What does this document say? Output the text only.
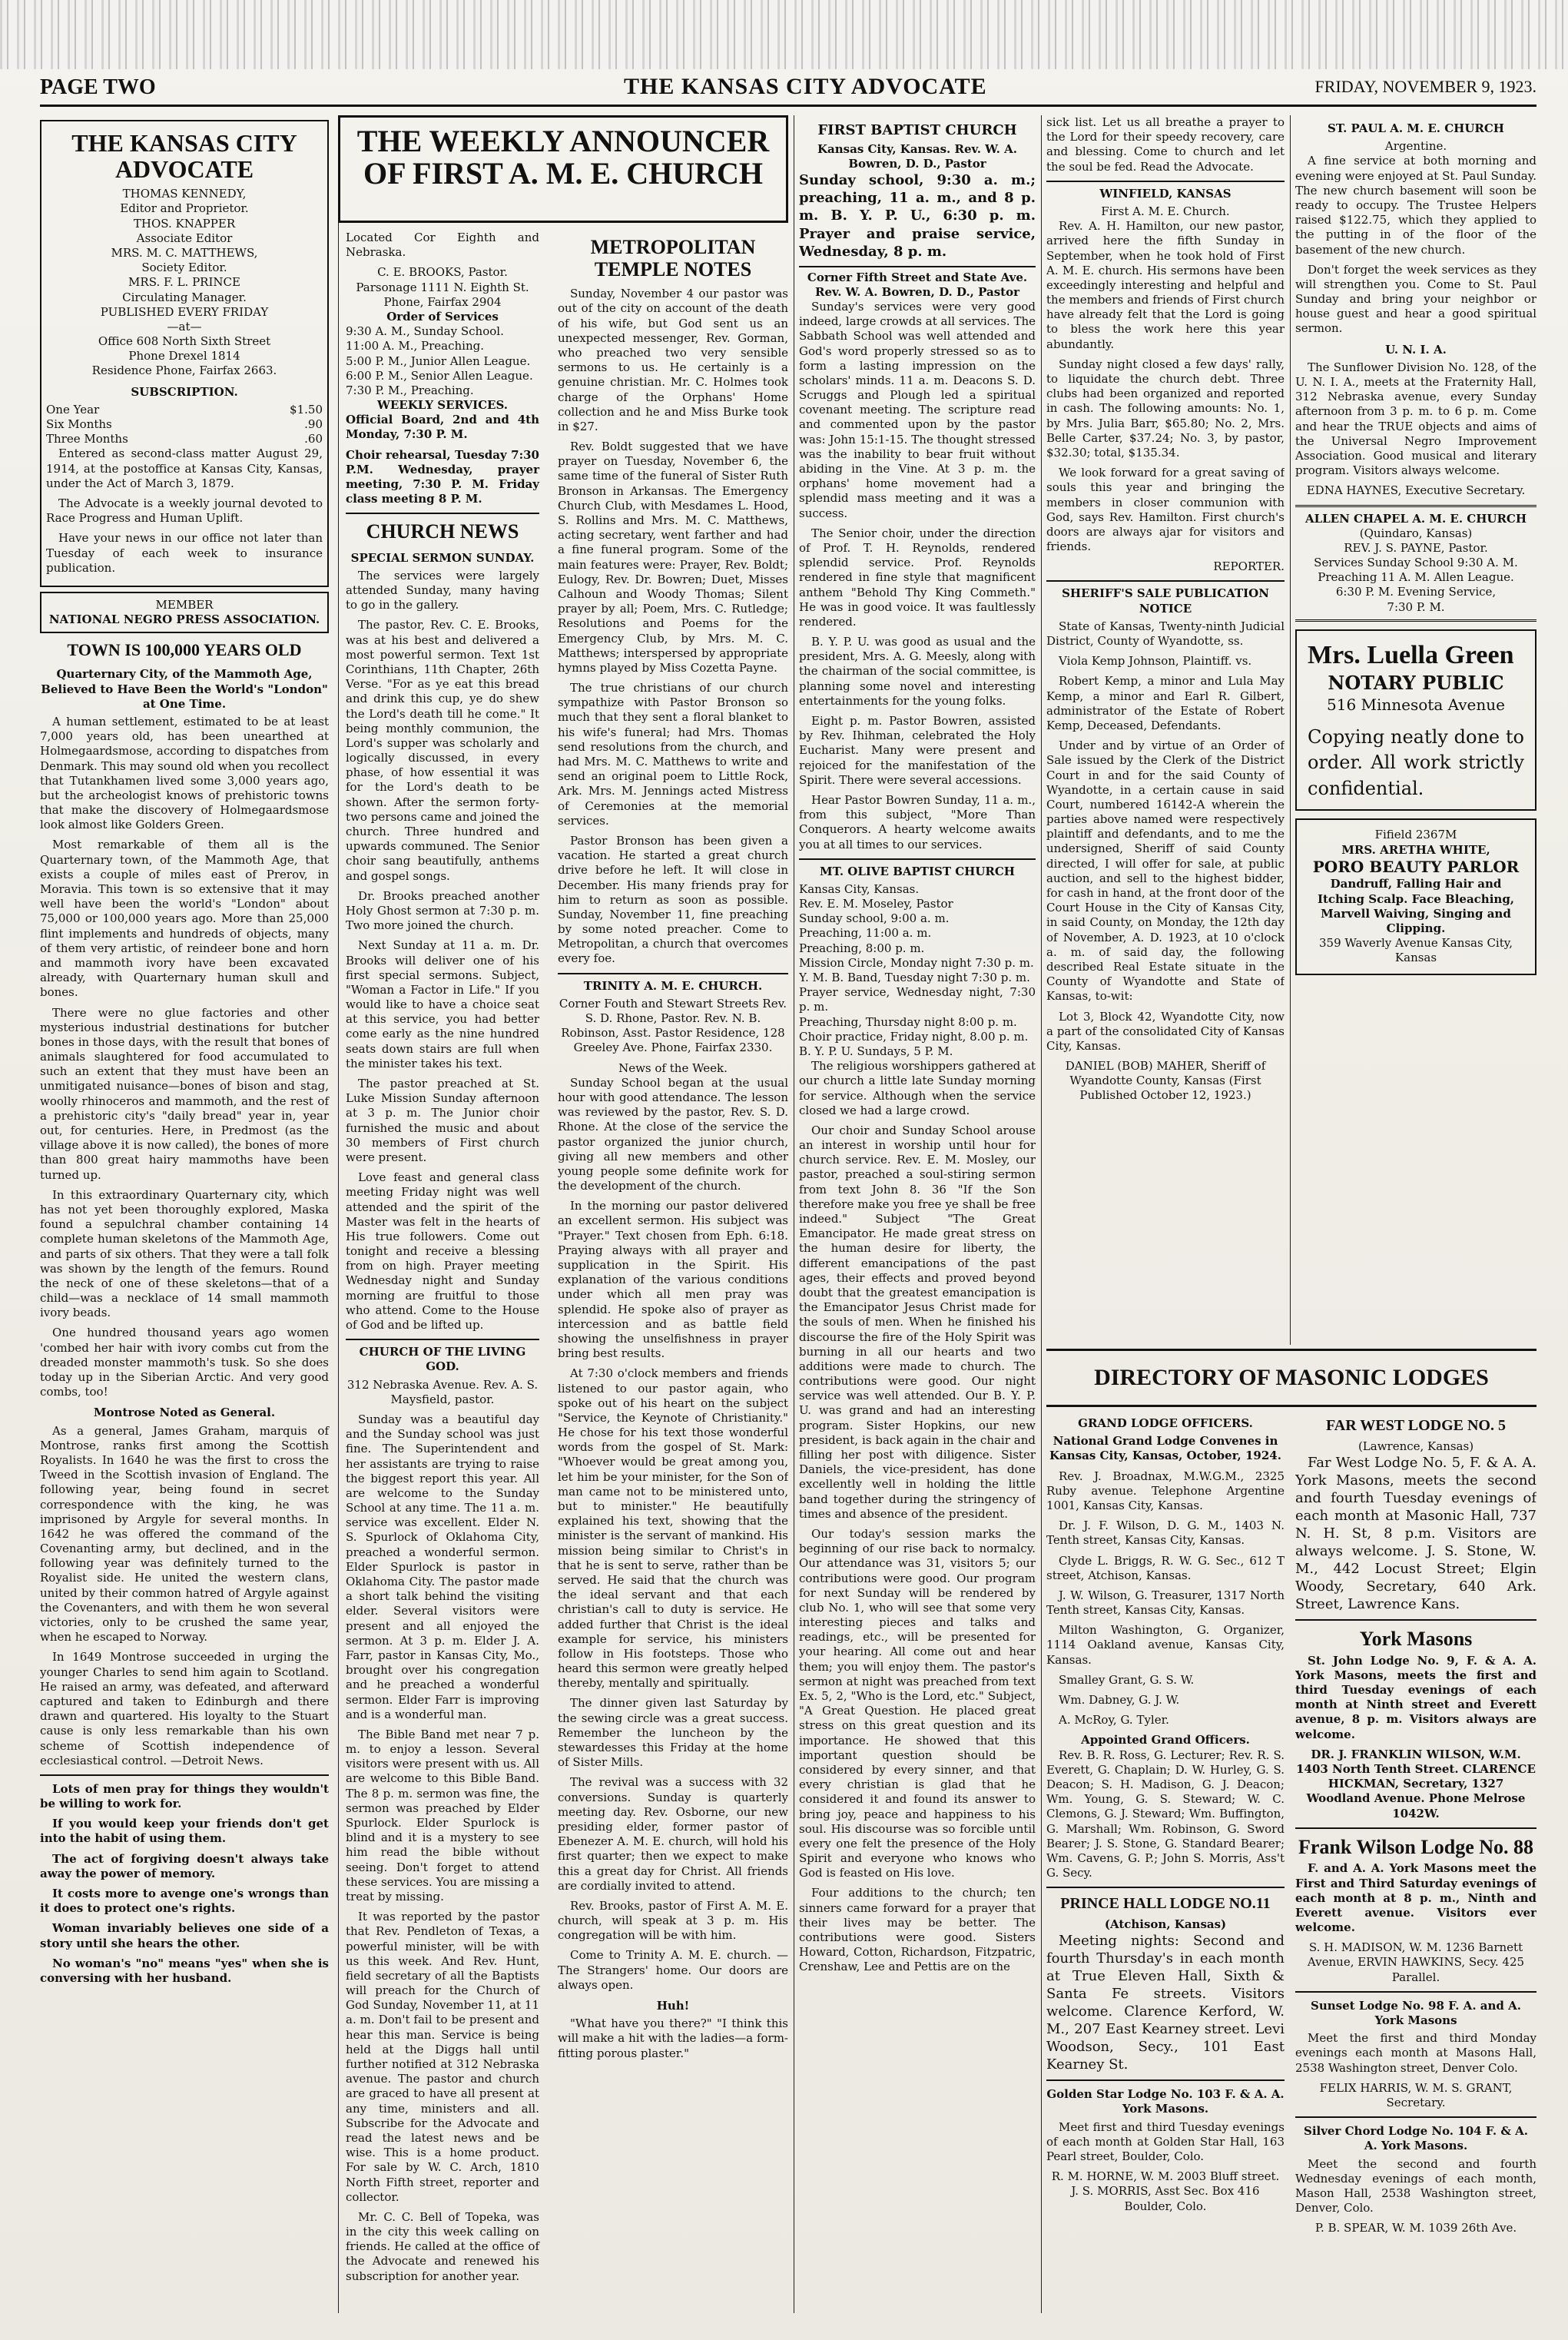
PAGE TWO	THE KANSAS CITY ADVOCATE	FRIDAY, NOVEMBER 9, 1923.
THE KANSAS CITY ADVOCATE
THOMAS KENNEDY,
Editor and Proprietor.
THOS. KNAPPER
Associate Editor
MRS. M. C. MATTHEWS,
Society Editor.
MRS. F. L. PRINCE
Circulating Manager.
PUBLISHED EVERY FRIDAY
—at—
Office 608 North Sixth Street
Phone Drexel 1814
Residence Phone, Fairfax 2663.
SUBSCRIPTION.
One Year	$1.50
Six Months	.90
Three Months	.60

Entered as second-class matter August 29, 1914, at the postoffice at Kansas City, Kansas, under the Act of March 3, 1879.

The Advocate is a weekly journal devoted to Race Progress and Human Uplift.

Have your news in our office not later than Tuesday of each week to insurance publication.

MEMBER
NATIONAL NEGRO PRESS ASSOCIATION.
TOWN IS 100,000 YEARS OLD
Quarternary City, of the Mammoth Age, Believed to Have Been the World's "London" at One Time.

A human settlement, estimated to be at least 7,000 years old, has been unearthed at Holmegaardsmose, according to dispatches from Denmark. This may sound old when you recollect that Tutankhamen lived some 3,000 years ago, but the archeologist knows of prehistoric towns that make the discovery of Holmegaardsmose look almost like Golders Green.

Most remarkable of them all is the Quarternary town, of the Mammoth Age, that exists a couple of miles east of Prerov, in Moravia. This town is so extensive that it may well have been the world's "London" about 75,000 or 100,000 years ago. More than 25,000 flint implements and hundreds of objects, many of them very artistic, of reindeer bone and horn and mammoth ivory have been excavated already, with Quarternary human skull and bones.

There were no glue factories and other mysterious industrial destinations for butcher bones in those days, with the result that bones of animals slaughtered for food accumulated to such an extent that they must have been an unmitigated nuisance—bones of bison and stag, woolly rhinoceros and mammoth, and the rest of a prehistoric city's "daily bread" year in, year out, for centuries. Here, in Predmost (as the village above it is now called), the bones of more than 800 great hairy mammoths have been turned up.

In this extraordinary Quarternary city, which has not yet been thoroughly explored, Maska found a sepulchral chamber containing 14 complete human skeletons of the Mammoth Age, and parts of six others. That they were a tall folk was shown by the length of the femurs. Round the neck of one of these skeletons—that of a child—was a necklace of 14 small mammoth ivory beads.

One hundred thousand years ago women 'combed her hair with ivory combs cut from the dreaded monster mammoth's tusk. So she does today up in the Siberian Arctic. And very good combs, too!

Montrose Noted as General.

As a general, James Graham, marquis of Montrose, ranks first among the Scottish Royalists. In 1640 he was the first to cross the Tweed in the Scottish invasion of England. The following year, being found in secret correspondence with the king, he was imprisoned by Argyle for several months. In 1642 he was offered the command of the Covenanting army, but declined, and in the following year was definitely turned to the Royalist side. He united the western clans, united by their common hatred of Argyle against the Covenanters, and with them he won several victories, only to be crushed the same year, when he escaped to Norway.

In 1649 Montrose succeeded in urging the younger Charles to send him again to Scotland. He raised an army, was defeated, and afterward captured and taken to Edinburgh and there drawn and quartered. His loyalty to the Stuart cause is only less remarkable than his own scheme of Scottish independence of ecclesiastical control. —Detroit News.

Lots of men pray for things they wouldn't be willing to work for.

If you would keep your friends don't get into the habit of using them.

The act of forgiving doesn't always take away the power of memory.

It costs more to avenge one's wrongs than it does to protect one's rights.

Woman invariably believes one side of a story until she hears the other.

No woman's "no" means "yes" when she is conversing with her husband.

THE WEEKLY ANNOUNCER
OF FIRST A. M. E. CHURCH

Located Cor Eighth and Nebraska.

C. E. BROOKS, Pastor.
Parsonage 1111 N. Eighth St.
Phone, Fairfax 2904
Order of Services
9:30 A. M., Sunday School.
11:00 A. M., Preaching.
5:00 P. M., Junior Allen League.
6:00 P. M., Senior Allen League.
7:30 P. M., Preaching.
WEEKLY SERVICES.

Official Board, 2nd and 4th Monday, 7:30 P. M.

Choir rehearsal, Tuesday 7:30 P.M. Wednesday, prayer meeting, 7:30 P. M. Friday class meeting 8 P. M.

CHURCH NEWS
SPECIAL SERMON SUNDAY.

The services were largely attended Sunday, many having to go in the gallery.

The pastor, Rev. C. E. Brooks, was at his best and delivered a most powerful sermon. Text 1st Corinthians, 11th Chapter, 26th Verse. "For as ye eat this bread and drink this cup, ye do shew the Lord's death till he come." It being monthly communion, the Lord's supper was scholarly and logically discussed, in every phase, of how essential it was for the Lord's death to be shown. After the sermon forty-two persons came and joined the church. Three hundred and upwards communed. The Senior choir sang beautifully, anthems and gospel songs.

Dr. Brooks preached another Holy Ghost sermon at 7:30 p. m. Two more joined the church.

Next Sunday at 11 a. m. Dr. Brooks will deliver one of his first special sermons. Subject, "Woman a Factor in Life." If you would like to have a choice seat at this service, you had better come early as the nine hundred seats down stairs are full when the minister takes his text.

The pastor preached at St. Luke Mission Sunday afternoon at 3 p. m. The Junior choir furnished the music and about 30 members of First church were present.

Love feast and general class meeting Friday night was well attended and the spirit of the Master was felt in the hearts of His true followers. Come out tonight and receive a blessing from on high. Prayer meeting Wednesday night and Sunday morning are fruitful to those who attend. Come to the House of God and be lifted up.

CHURCH OF THE LIVING GOD.

312 Nebraska Avenue. Rev. A. S. Maysfield, pastor.

Sunday was a beautiful day and the Sunday school was just fine. The Superintendent and her assistants are trying to raise the biggest report this year. All are welcome to the Sunday School at any time. The 11 a. m. service was excellent. Elder N. S. Spurlock of Oklahoma City, preached a wonderful sermon. Elder Spurlock is pastor in Oklahoma City. The pastor made a short talk behind the visiting elder. Several visitors were present and all enjoyed the sermon. At 3 p. m. Elder J. A. Farr, pastor in Kansas City, Mo., brought over his congregation and he preached a wonderful sermon. Elder Farr is improving and is a wonderful man.

The Bible Band met near 7 p. m. to enjoy a lesson. Several visitors were present with us. All are welcome to this Bible Band. The 8 p. m. sermon was fine, the sermon was preached by Elder Spurlock. Elder Spurlock is blind and it is a mystery to see him read the bible without seeing. Don't forget to attend these services. You are missing a treat by missing.

It was reported by the pastor that Rev. Pendleton of Texas, a powerful minister, will be with us this week. And Rev. Hunt, field secretary of all the Baptists will preach for the Church of God Sunday, November 11, at 11 a. m. Don't fail to be present and hear this man. Service is being held at the Diggs hall until further notified at 312 Nebraska avenue. The pastor and church are graced to have all present at any time, ministers and all. Subscribe for the Advocate and read the latest news and be wise. This is a home product. For sale by W. C. Arch, 1810 North Fifth street, reporter and collector.

Mr. C. C. Bell of Topeka, was in the city this week calling on friends. He called at the office of the Advocate and renewed his subscription for another year.

METROPOLITAN TEMPLE NOTES

Sunday, November 4 our pastor was out of the city on account of the death of his wife, but God sent us an unexpected messenger, Rev. Gorman, who preached two very sensible sermons to us. He certainly is a genuine christian. Mr. C. Holmes took charge of the Orphans' Home collection and he and Miss Burke took in $27.

Rev. Boldt suggested that we have prayer on Tuesday, November 6, the same time of the funeral of Sister Ruth Bronson in Arkansas. The Emergency Church Club, with Mesdames L. Hood, S. Rollins and Mrs. M. C. Matthews, acting secretary, went farther and had a fine funeral program. Some of the main features were: Prayer, Rev. Boldt; Eulogy, Rev. Dr. Bowren; Duet, Misses Calhoun and Woody Thomas; Silent prayer by all; Poem, Mrs. C. Rutledge; Resolutions and Poems for the Emergency Club, by Mrs. M. C. Matthews; interspersed by appropriate hymns played by Miss Cozetta Payne.

The true christians of our church sympathize with Pastor Bronson so much that they sent a floral blanket to his wife's funeral; had Mrs. Thomas send resolutions from the church, and had Mrs. M. C. Matthews to write and send an original poem to Little Rock, Ark. Mrs. M. Jennings acted Mistress of Ceremonies at the memorial services.

Pastor Bronson has been given a vacation. He started a great church drive before he left. It will close in December. His many friends pray for him to return as soon as possible. Sunday, November 11, fine preaching by some noted preacher. Come to Metropolitan, a church that overcomes every foe.

TRINITY A. M. E. CHURCH.

Corner Fouth and Stewart Streets Rev. S. D. Rhone, Pastor. Rev. N. B. Robinson, Asst. Pastor Residence, 128 Greeley Ave. Phone, Fairfax 2330.

News of the Week.

Sunday School began at the usual hour with good attendance. The lesson was reviewed by the pastor, Rev. S. D. Rhone. At the close of the service the pastor organized the junior church, giving all new members and other young people some definite work for the development of the church.

In the morning our pastor delivered an excellent sermon. His subject was "Prayer." Text chosen from Eph. 6:18. Praying always with all prayer and supplication in the Spirit. His explanation of the various conditions under which all men pray was splendid. He spoke also of prayer as intercession and as battle field showing the unselfishness in prayer bring best results.

At 7:30 o'clock members and friends listened to our pastor again, who spoke out of his heart on the subject "Service, the Keynote of Christianity." He chose for his text those wonderful words from the gospel of St. Mark: "Whoever would be great among you, let him be your minister, for the Son of man came not to be ministered unto, but to minister." He beautifully explained his text, showing that the minister is the servant of mankind. His mission being similar to Christ's in that he is sent to serve, rather than be served. He said that the church was the ideal servant and that each christian's call to duty is service. He added further that Christ is the ideal example for service, his ministers follow in His footsteps. Those who heard this sermon were greatly helped thereby, mentally and spiritually.

The dinner given last Saturday by the sewing circle was a great success. Remember the luncheon by the stewardesses this Friday at the home of Sister Mills.

The revival was a success with 32 conversions. Sunday is quarterly meeting day. Rev. Osborne, our new presiding elder, former pastor of Ebenezer A. M. E. church, will hold his first quarter; then we expect to make this a great day for Christ. All friends are cordially invited to attend.

Rev. Brooks, pastor of First A. M. E. church, will speak at 3 p. m. His congregation will be with him.

Come to Trinity A. M. E. church. —The Strangers' home. Our doors are always open.

Huh!

"What have you there?" "I think this will make a hit with the ladies—a form-fitting porous plaster."

FIRST BAPTIST CHURCH
Kansas City, Kansas. Rev. W. A. Bowren, D. D., Pastor

Sunday school, 9:30 a. m.; preaching, 11 a. m., and 8 p. m. B. Y. P. U., 6:30 p. m. Prayer and praise service, Wednesday, 8 p. m.

Corner Fifth Street and State Ave. Rev. W. A. Bowren, D. D., Pastor

Sunday's services were very good indeed, large crowds at all services. The Sabbath School was well attended and God's word properly stressed so as to form a lasting impression on the scholars' minds. 11 a. m. Deacons S. D. Scruggs and Plough led a spiritual covenant meeting. The scripture read and commented upon by the pastor was: John 15:1-15. The thought stressed was the inability to bear fruit without abiding in the Vine. At 3 p. m. the orphans' home movement had a splendid mass meeting and it was a success.

The Senior choir, under the direction of Prof. T. H. Reynolds, rendered splendid service. Prof. Reynolds rendered in fine style that magnificent anthem "Behold Thy King Commeth." He was in good voice. It was faultlessly rendered.

B. Y. P. U. was good as usual and the president, Mrs. A. G. Meesly, along with the chairman of the social committee, is planning some novel and interesting entertainments for the young folks.

Eight p. m. Pastor Bowren, assisted by Rev. Ihihman, celebrated the Holy Eucharist. Many were present and rejoiced for the manifestation of the Spirit. There were several accessions.

Hear Pastor Bowren Sunday, 11 a. m., from this subject, "More Than Conquerors. A hearty welcome awaits you at all times to our services.

MT. OLIVE BAPTIST CHURCH
Kansas City, Kansas.
Rev. E. M. Moseley, Pastor
Sunday school, 9:00 a. m.
Preaching, 11:00 a. m.
Preaching, 8:00 p. m.
Mission Circle, Monday night 7:30 p. m.
Y. M. B. Band, Tuesday night 7:30 p. m.
Prayer service, Wednesday night, 7:30 p. m.
Preaching, Thursday night 8:00 p. m.
Choir practice, Friday night, 8.00 p. m.
B. Y. P. U. Sundays, 5 P. M.

The religious worshippers gathered at our church a little late Sunday morning for service. Although when the service closed we had a large crowd.

Our choir and Sunday School arouse an interest in worship until hour for church service. Rev. E. M. Mosley, our pastor, preached a soul-stiring sermon from text John 8. 36 "If the Son therefore make you free ye shall be free indeed." Subject "The Great Emancipator. He made great stress on the human desire for liberty, the different emancipations of the past ages, their effects and proved beyond doubt that the greatest emancipation is the Emancipator Jesus Christ made for the souls of men. When he finished his discourse the fire of the Holy Spirit was burning in all our hearts and two additions were made to church. The contributions were good. Our night service was well attended. Our B. Y. P. U. was grand and had an interesting program. Sister Hopkins, our new president, is back again in the chair and filling her post with diligence. Sister Daniels, the vice-president, has done excellently well in holding the little band together during the stringency of times and absence of the president.

Our today's session marks the beginning of our rise back to normalcy. Our attendance was 31, visitors 5; our contributions were good. Our program for next Sunday will be rendered by club No. 1, who will see that some very interesting pieces and talks and readings, etc., will be presented for your hearing. All come out and hear them; you will enjoy them. The pastor's sermon at night was preached from text Ex. 5, 2, "Who is the Lord, etc." Subject, "A Great Question. He placed great stress on this great question and its importance. He showed that this important question should be considered by every sinner, and that every christian is glad that he considered it and found its answer to bring joy, peace and happiness to his soul. His discourse was so forcible until every one felt the presence of the Holy Spirit and everyone who knows who God is feasted on His love.

Four additions to the church; ten sinners came forward for a prayer that their lives may be better. The contributions were good. Sisters Howard, Cotton, Richardson, Fitzpatric, Crenshaw, Lee and Pettis are on the

sick list. Let us all breathe a prayer to the Lord for their speedy recovery, care and blessing. Come to church and let the soul be fed. Read the Advocate.

WINFIELD, KANSAS
First A. M. E. Church.

Rev. A. H. Hamilton, our new pastor, arrived here the fifth Sunday in September, when he took hold of First A. M. E. church. His sermons have been exceedingly interesting and helpful and the members and friends of First church have already felt that the Lord is going to bless the work here this year abundantly.

Sunday night closed a few days' rally, to liquidate the church debt. Three clubs had been organized and reported in cash. The following amounts: No. 1, by Mrs. Julia Barr, $65.80; No. 2, Mrs. Belle Carter, $37.24; No. 3, by pastor, $32.30; total, $135.34.

We look forward for a great saving of souls this year and bringing the members in closer communion with God, says Rev. Hamilton. First church's doors are always ajar for visitors and friends.

REPORTER.
SHERIFF'S SALE PUBLICATION NOTICE

State of Kansas, Twenty-ninth Judicial District, County of Wyandotte, ss.

Viola Kemp Johnson, Plaintiff. vs.

Robert Kemp, a minor and Lula May Kemp, a minor and Earl R. Gilbert, administrator of the Estate of Robert Kemp, Deceased, Defendants.

Under and by virtue of an Order of Sale issued by the Clerk of the District Court in and for the said County of Wyandotte, in a certain cause in said Court, numbered 16142-A wherein the parties above named were respectively plaintiff and defendants, and to me the undersigned, Sheriff of said County directed, I will offer for sale, at public auction, and sell to the highest bidder, for cash in hand, at the front door of the Court House in the City of Kansas City, in said County, on Monday, the 12th day of November, A. D. 1923, at 10 o'clock a. m. of said day, the following described Real Estate situate in the County of Wyandotte and State of Kansas, to-wit:

Lot 3, Block 42, Wyandotte City, now a part of the consolidated City of Kansas City, Kansas.

DANIEL (BOB) MAHER, Sheriff of Wyandotte County, Kansas (First Published October 12, 1923.)

ST. PAUL A. M. E. CHURCH
Argentine.

A fine service at both morning and evening were enjoyed at St. Paul Sunday. The new church basement will soon be ready to occupy. The Trustee Helpers raised $122.75, which they applied to the putting in of the floor of the basement of the new church.

Don't forget the week services as they will strengthen you. Come to St. Paul Sunday and bring your neighbor or house guest and hear a good spiritual sermon.

U. N. I. A.

The Sunflower Division No. 128, of the U. N. I. A., meets at the Fraternity Hall, 312 Nebraska avenue, every Sunday afternoon from 3 p. m. to 6 p. m. Come and hear the TRUE objects and aims of the Universal Negro Improvement Association. Good musical and literary program. Visitors always welcome.

EDNA HAYNES, Executive Secretary.
ALLEN CHAPEL A. M. E. CHURCH
(Quindaro, Kansas)
REV. J. S. PAYNE, Pastor.
Services Sunday School 9:30 A. M.
Preaching 11 A. M. Allen League.
6:30 P. M. Evening Service,
7:30 P. M.
Mrs. Luella Green
NOTARY PUBLIC
516 Minnesota Avenue
Copying neatly done to order. All work strictly confidential.
Fifield 2367M
MRS. ARETHA WHITE,
PORO BEAUTY PARLOR
Dandruff, Falling Hair and Itching Scalp. Face Bleaching, Marvell Waiving, Singing and Clipping.
359 Waverly Avenue Kansas City, Kansas
DIRECTORY OF MASONIC LODGES
GRAND LODGE OFFICERS.

National Grand Lodge Convenes in Kansas City, Kansas, October, 1924.

Rev. J. Broadnax, M.W.G.M., 2325 Ruby avenue. Telephone Argentine 1001, Kansas City, Kansas.

Dr. J. F. Wilson, D. G. M., 1403 N. Tenth street, Kansas City, Kansas.

Clyde L. Briggs, R. W. G. Sec., 612 T street, Atchison, Kansas.

J. W. Wilson, G. Treasurer, 1317 North Tenth street, Kansas City, Kansas.

Milton Washington, G. Organizer, 1114 Oakland avenue, Kansas City, Kansas.

Smalley Grant, G. S. W.

Wm. Dabney, G. J. W.

A. McRoy, G. Tyler.

Appointed Grand Officers.

Rev. B. R. Ross, G. Lecturer; Rev. R. S. Everett, G. Chaplain; D. W. Hurley, G. S. Deacon; S. H. Madison, G. J. Deacon; Wm. Young, G. S. Steward; W. C. Clemons, G. J. Steward; Wm. Buffington, G. Marshall; Wm. Robinson, G. Sword Bearer; J. S. Stone, G. Standard Bearer; Wm. Cavens, G. P.; John S. Morris, Ass't G. Secy.

PRINCE HALL LODGE NO.11
(Atchison, Kansas)

Meeting nights: Second and fourth Thursday's in each month at True Eleven Hall, Sixth & Santa Fe streets. Visitors welcome. Clarence Kerford, W. M., 207 East Kearney street. Levi Woodson, Secy., 101 East Kearney St.

Golden Star Lodge No. 103 F. & A. A. York Masons.

Meet first and third Tuesday evenings of each month at Golden Star Hall, 163 Pearl street, Boulder, Colo.

R. M. HORNE, W. M. 2003 Bluff street. J. S. MORRIS, Asst Sec. Box 416 Boulder, Colo.

FAR WEST LODGE NO. 5
(Lawrence, Kansas)

Far West Lodge No. 5, F. & A. A. York Masons, meets the second and fourth Tuesday evenings of each month at Masonic Hall, 737 N. H. St, 8 p.m. Visitors are always welcome. J. S. Stone, W. M., 442 Locust Street; Elgin Woody, Secretary, 640 Ark. Street, Lawrence Kans.

York Masons

St. John Lodge No. 9, F. & A. A. York Masons, meets the first and third Tuesday evenings of each month at Ninth street and Everett avenue, 8 p. m. Visitors always are welcome.

DR. J. FRANKLIN WILSON, W.M. 1403 North Tenth Street. CLARENCE HICKMAN, Secretary, 1327 Woodland Avenue. Phone Melrose 1042W.

Frank Wilson Lodge No. 88

F. and A. A. York Masons meet the First and Third Saturday evenings of each month at 8 p. m., Ninth and Everett avenue. Visitors ever welcome.

S. H. MADISON, W. M. 1236 Barnett Avenue, ERVIN HAWKINS, Secy. 425 Parallel.

Sunset Lodge No. 98 F. A. and A. York Masons

Meet the first and third Monday evenings each month at Masons Hall, 2538 Washington street, Denver Colo.

FELIX HARRIS, W. M. S. GRANT, Secretary.

Silver Chord Lodge No. 104 F. & A. A. York Masons.

Meet the second and fourth Wednesday evenings of each month, Mason Hall, 2538 Washington street, Denver, Colo.

P. B. SPEAR, W. M. 1039 26th Ave.
